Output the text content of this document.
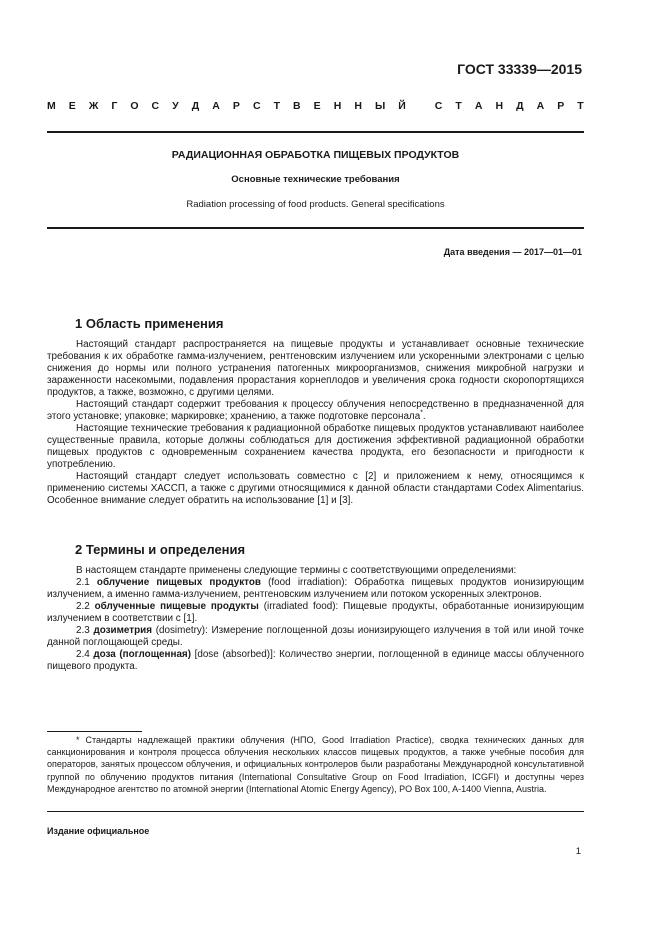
ГОСТ 33339—2015
М Е Ж Г О С У Д А Р С Т В Е Н Н Ы Й
	С Т А Н Д А Р Т
РАДИАЦИОННАЯ ОБРАБОТКА ПИЩЕВЫХ ПРОДУКТОВ
Основные технические требования
Radiation processing of food products. General specifications
Дата введения — 2017—01—01
1 Область применения

Настоящий стандарт распространяется на пищевые продукты и устанавливает основные технические требования к их обработке гамма-излучением, рентгеновским излучением или ускоренными электронами с целью снижения до нормы или полного устранения патогенных микроорганизмов, снижения микробной нагрузки и зараженности насекомыми, подавления прорастания корнеплодов и увеличения срока годности скоропортящихся продуктов, а также, возможно, с другими целями.

Настоящий стандарт содержит требования к процессу облучения непосредственно в предназначенной для этого установке; упаковке; маркировке; хранению, а также подготовке персонала*.

Настоящие технические требования к радиационной обработке пищевых продуктов устанавливают наиболее существенные правила, которые должны соблюдаться для достижения эффективной радиационной обработки пищевых продуктов с одновременным сохранением качества продукта, его безопасности и пригодности к употреблению.

Настоящий стандарт следует использовать совместно с [2] и приложением к нему, относящимся к применению системы ХАССП, а также с другими относящимися к данной области стандартами Codex Alimentarius. Особенное внимание следует обратить на использование [1] и [3].

2 Термины и определения

В настоящем стандарте применены следующие термины с соответствующими определениями:

2.1 облучение пищевых продуктов (food irradiation): Обработка пищевых продуктов ионизирующим излучением, а именно гамма-излучением, рентгеновским излучением или потоком ускоренных электронов.

2.2 облученные пищевые продукты (irradiated food): Пищевые продукты, обработанные ионизирующим излучением в соответствии с [1].

2.3 дозиметрия (dosimetry): Измерение поглощенной дозы ионизирующего излучения в той или иной точке данной поглощающей среды.

2.4 доза (поглощенная) [dose (absorbed)]: Количество энергии, поглощенной в единице массы облученного пищевого продукта.

* Стандарты надлежащей практики облучения (НПО, Good Irradiation Practice), сводка технических данных для санкционирования и контроля процесса облучения нескольких классов пищевых продуктов, а также учебные пособия для операторов, занятых процессом облучения, и официальных контролеров были разработаны Международной консультативной группой по облучению продуктов питания (International Consultative Group on Food Irradiation, ICGFI) и доступны через Международное агентство по атомной энергии (International Atomic Energy Agency), PO Box 100, A-1400 Vienna, Austria.

Издание официальное
1
